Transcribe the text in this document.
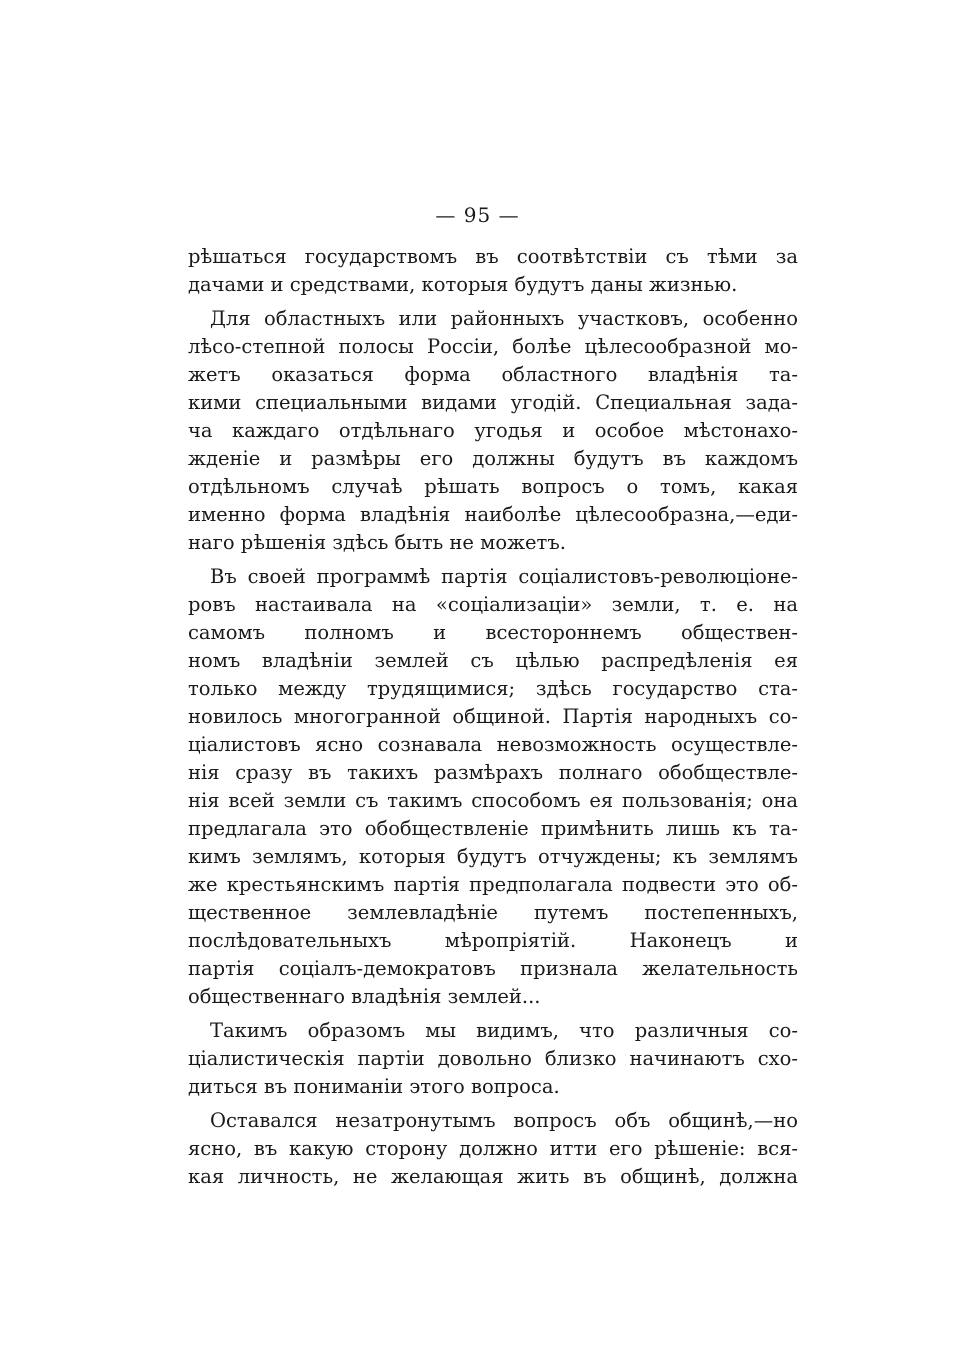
— 95 —
рѣшаться государствомъ въ соотвѣтствiи съ тѣми за
дачами и средствами, которыя будутъ даны жизнью.
Для областныхъ или районныхъ участковъ, особенно
лѣсо-степной полосы Россiи, болѣе цѣлесообразной мо-
жетъ оказаться форма областного владѣнiя та-
кими специальными видами угодiй. Специальная зада-
ча каждаго отдѣльнаго угодья и особое мѣстонахо-
жденiе и размѣры его должны будутъ въ каждомъ
отдѣльномъ случаѣ рѣшать вопросъ о томъ, какая
именно форма владѣнiя наиболѣе цѣлесообразна,—еди-
наго рѣшенiя здѣсь быть не можетъ.
Въ своей программѣ партiя соцiалистовъ-революцiоне-
ровъ настаивала на «соцiализацiи» земли, т. е. на
самомъ полномъ и всестороннемъ обществен-
номъ владѣнiи землей съ цѣлью распредѣленiя ея
только между трудящимися; здѣсь государство ста-
новилось многогранной общиной. Партiя народныхъ со-
цiалистовъ ясно сознавала невозможность осуществле-
нiя сразу въ такихъ размѣрахъ полнаго обобществле-
нiя всей земли съ такимъ способомъ ея пользованiя; она
предлагала это обобществленiе примѣнить лишь къ та-
кимъ землямъ, которыя будутъ отчуждены; къ землямъ
же крестьянскимъ партiя предполагала подвести это об-
щественное землевладѣнiе путемъ постепенныхъ,
послѣдовательныхъ мѣропрiятiй. Наконецъ и
партiя соцiалъ-демократовъ признала желательность
общественнаго владѣнiя землей...
Такимъ образомъ мы видимъ, что различныя со-
цiалистическiя партiи довольно близко начинаютъ схо-
диться въ пониманiи этого вопроса.
Оставался незатронутымъ вопросъ объ общинѣ,—но
ясно, въ какую сторону должно итти его рѣшенiе: вся-
кая личность, не желающая жить въ общинѣ, должна
